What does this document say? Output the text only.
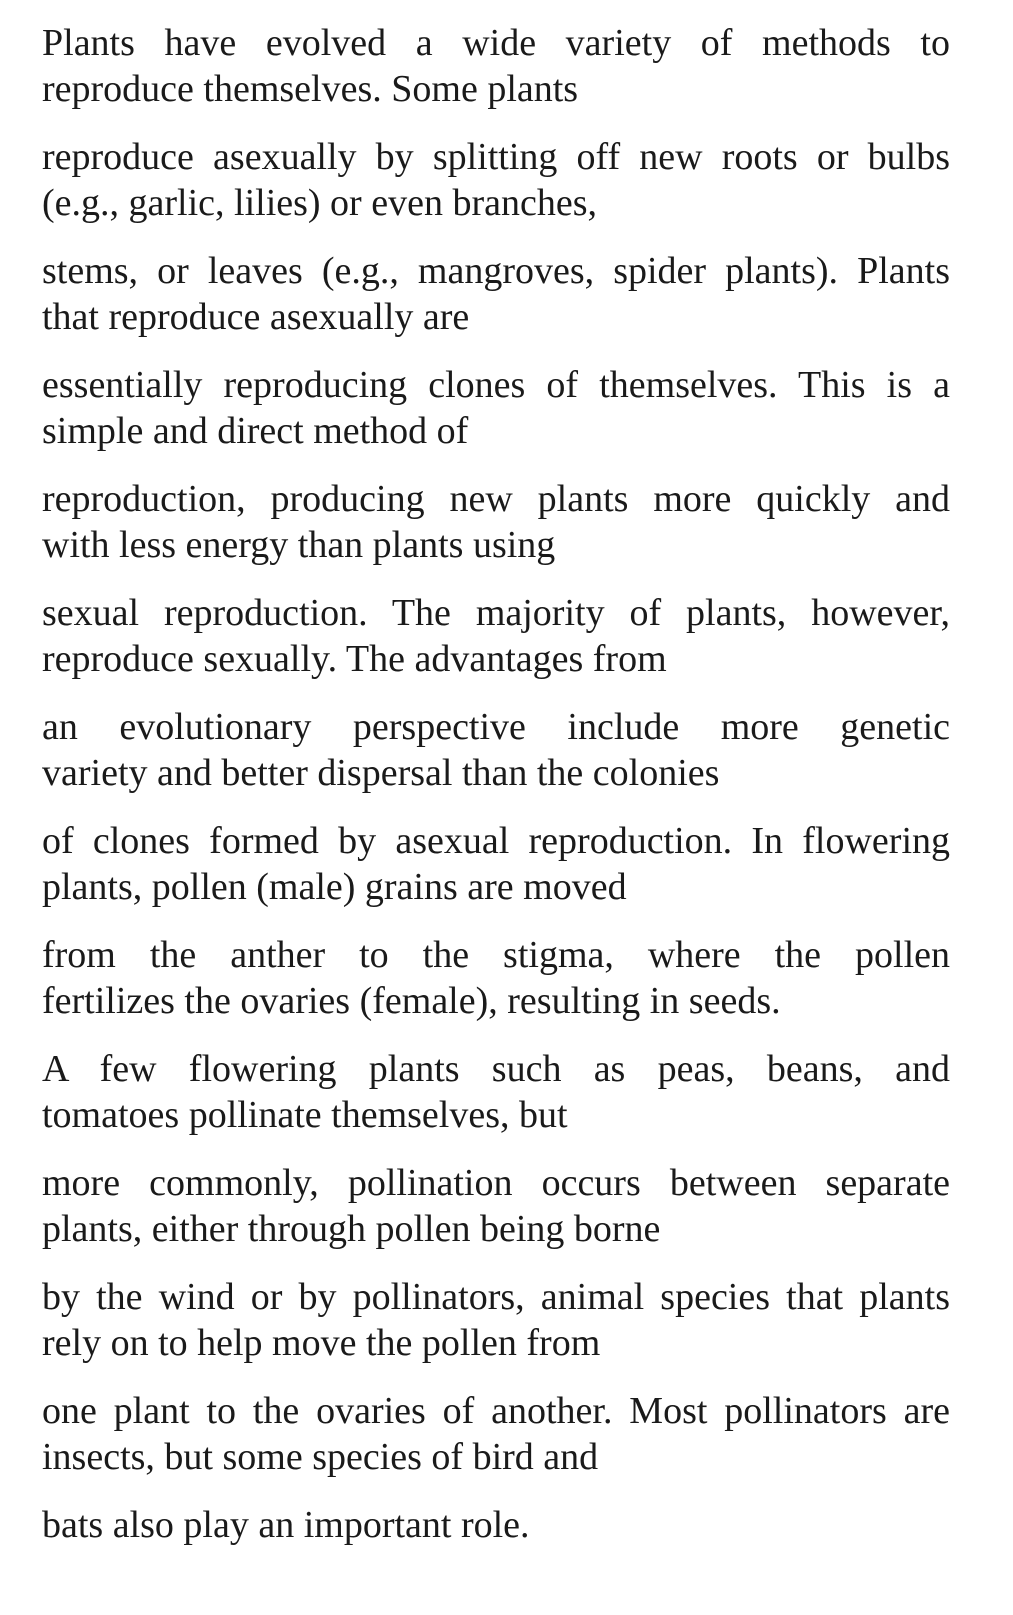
Plants have evolved a wide variety of methods to
reproduce themselves. Some plants

reproduce asexually by splitting off new roots or bulbs
(e.g., garlic, lilies) or even branches,

stems, or leaves (e.g., mangroves, spider plants). Plants
that reproduce asexually are

essentially reproducing clones of themselves. This is a
simple and direct method of

reproduction, producing new plants more quickly and
with less energy than plants using

sexual reproduction. The majority of plants, however,
reproduce sexually. The advantages from

an evolutionary perspective include more genetic
variety and better dispersal than the colonies

of clones formed by asexual reproduction. In flowering
plants, pollen (male) grains are moved

from the anther to the stigma, where the pollen
fertilizes the ovaries (female), resulting in seeds.

A few flowering plants such as peas, beans, and
tomatoes pollinate themselves, but

more commonly, pollination occurs between separate
plants, either through pollen being borne

by the wind or by pollinators, animal species that plants
rely on to help move the pollen from

one plant to the ovaries of another. Most pollinators are
insects, but some species of bird and

bats also play an important role.
